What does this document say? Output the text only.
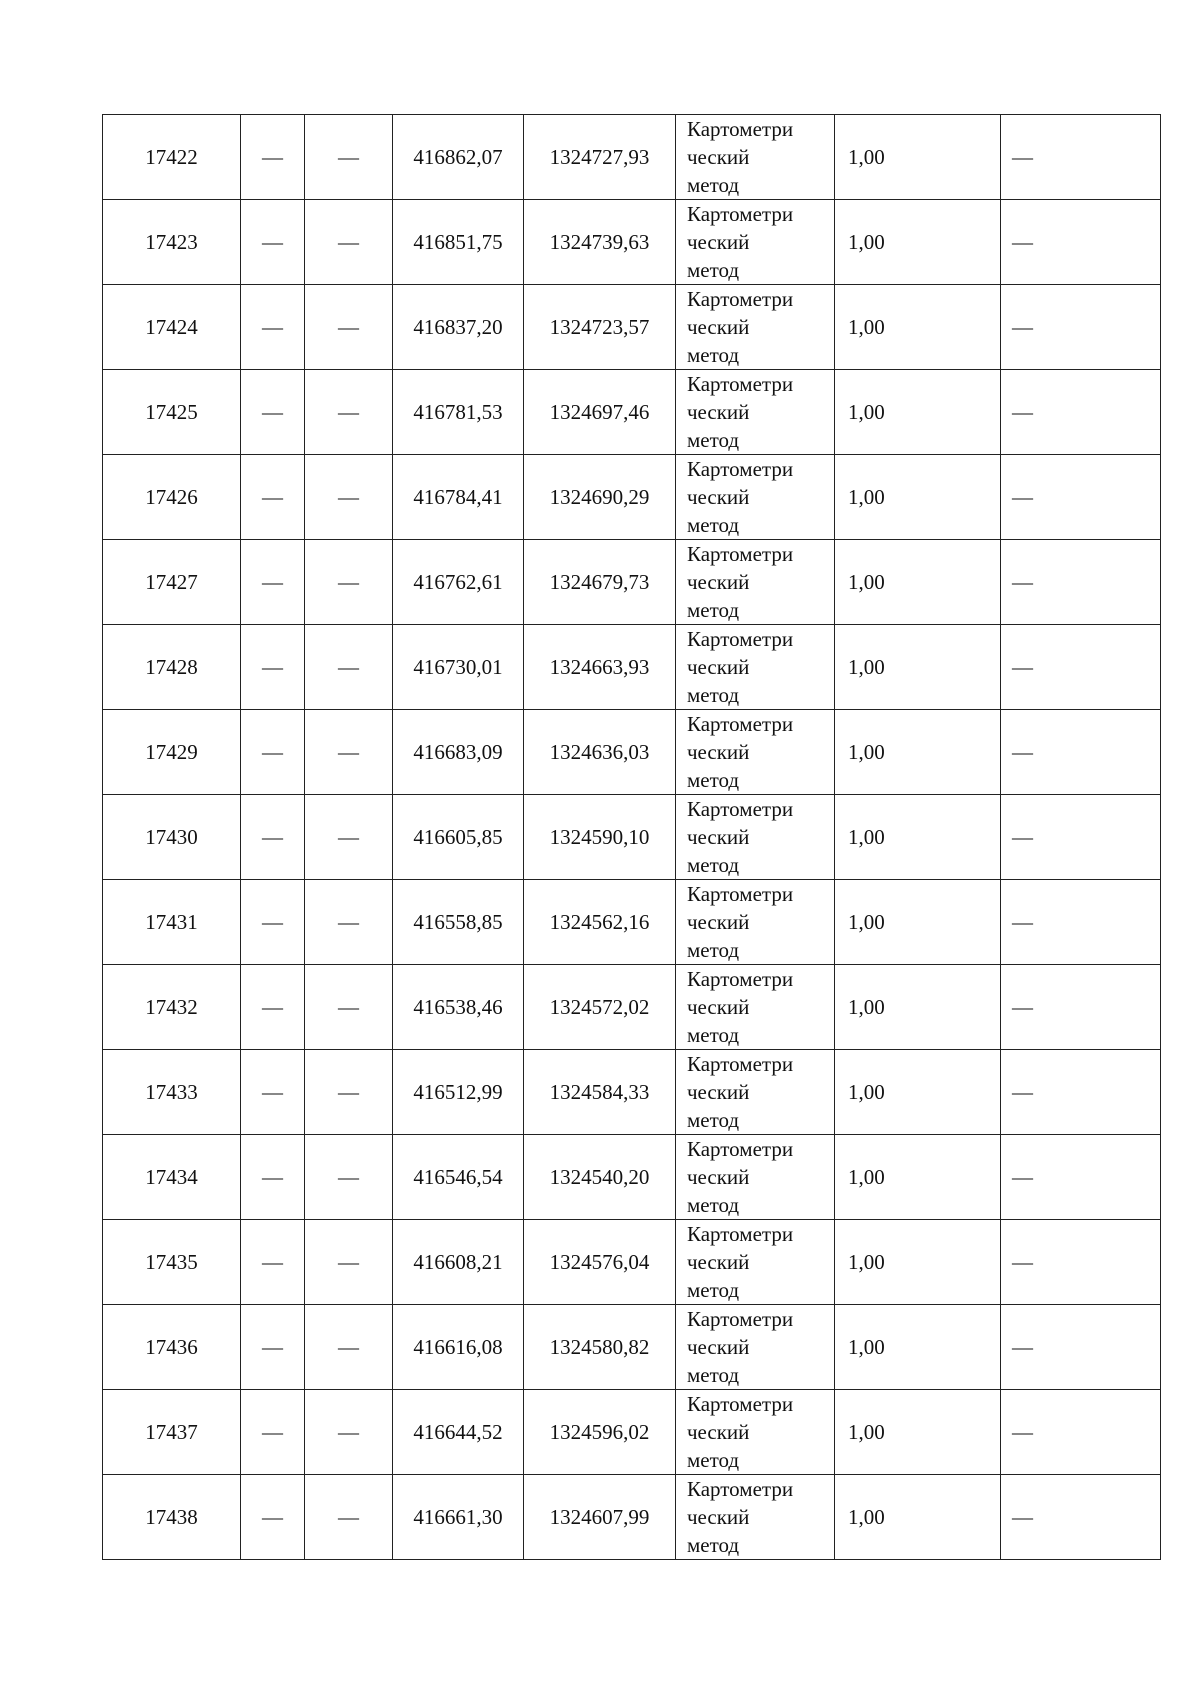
17422	—	—	416862,07	1324727,93	Картометри
ческий
метод	1,00	—
17423	—	—	416851,75	1324739,63	Картометри
ческий
метод	1,00	—
17424	—	—	416837,20	1324723,57	Картометри
ческий
метод	1,00	—
17425	—	—	416781,53	1324697,46	Картометри
ческий
метод	1,00	—
17426	—	—	416784,41	1324690,29	Картометри
ческий
метод	1,00	—
17427	—	—	416762,61	1324679,73	Картометри
ческий
метод	1,00	—
17428	—	—	416730,01	1324663,93	Картометри
ческий
метод	1,00	—
17429	—	—	416683,09	1324636,03	Картометри
ческий
метод	1,00	—
17430	—	—	416605,85	1324590,10	Картометри
ческий
метод	1,00	—
17431	—	—	416558,85	1324562,16	Картометри
ческий
метод	1,00	—
17432	—	—	416538,46	1324572,02	Картометри
ческий
метод	1,00	—
17433	—	—	416512,99	1324584,33	Картометри
ческий
метод	1,00	—
17434	—	—	416546,54	1324540,20	Картометри
ческий
метод	1,00	—
17435	—	—	416608,21	1324576,04	Картометри
ческий
метод	1,00	—
17436	—	—	416616,08	1324580,82	Картометри
ческий
метод	1,00	—
17437	—	—	416644,52	1324596,02	Картометри
ческий
метод	1,00	—
17438	—	—	416661,30	1324607,99	Картометри
ческий
метод	1,00	—
